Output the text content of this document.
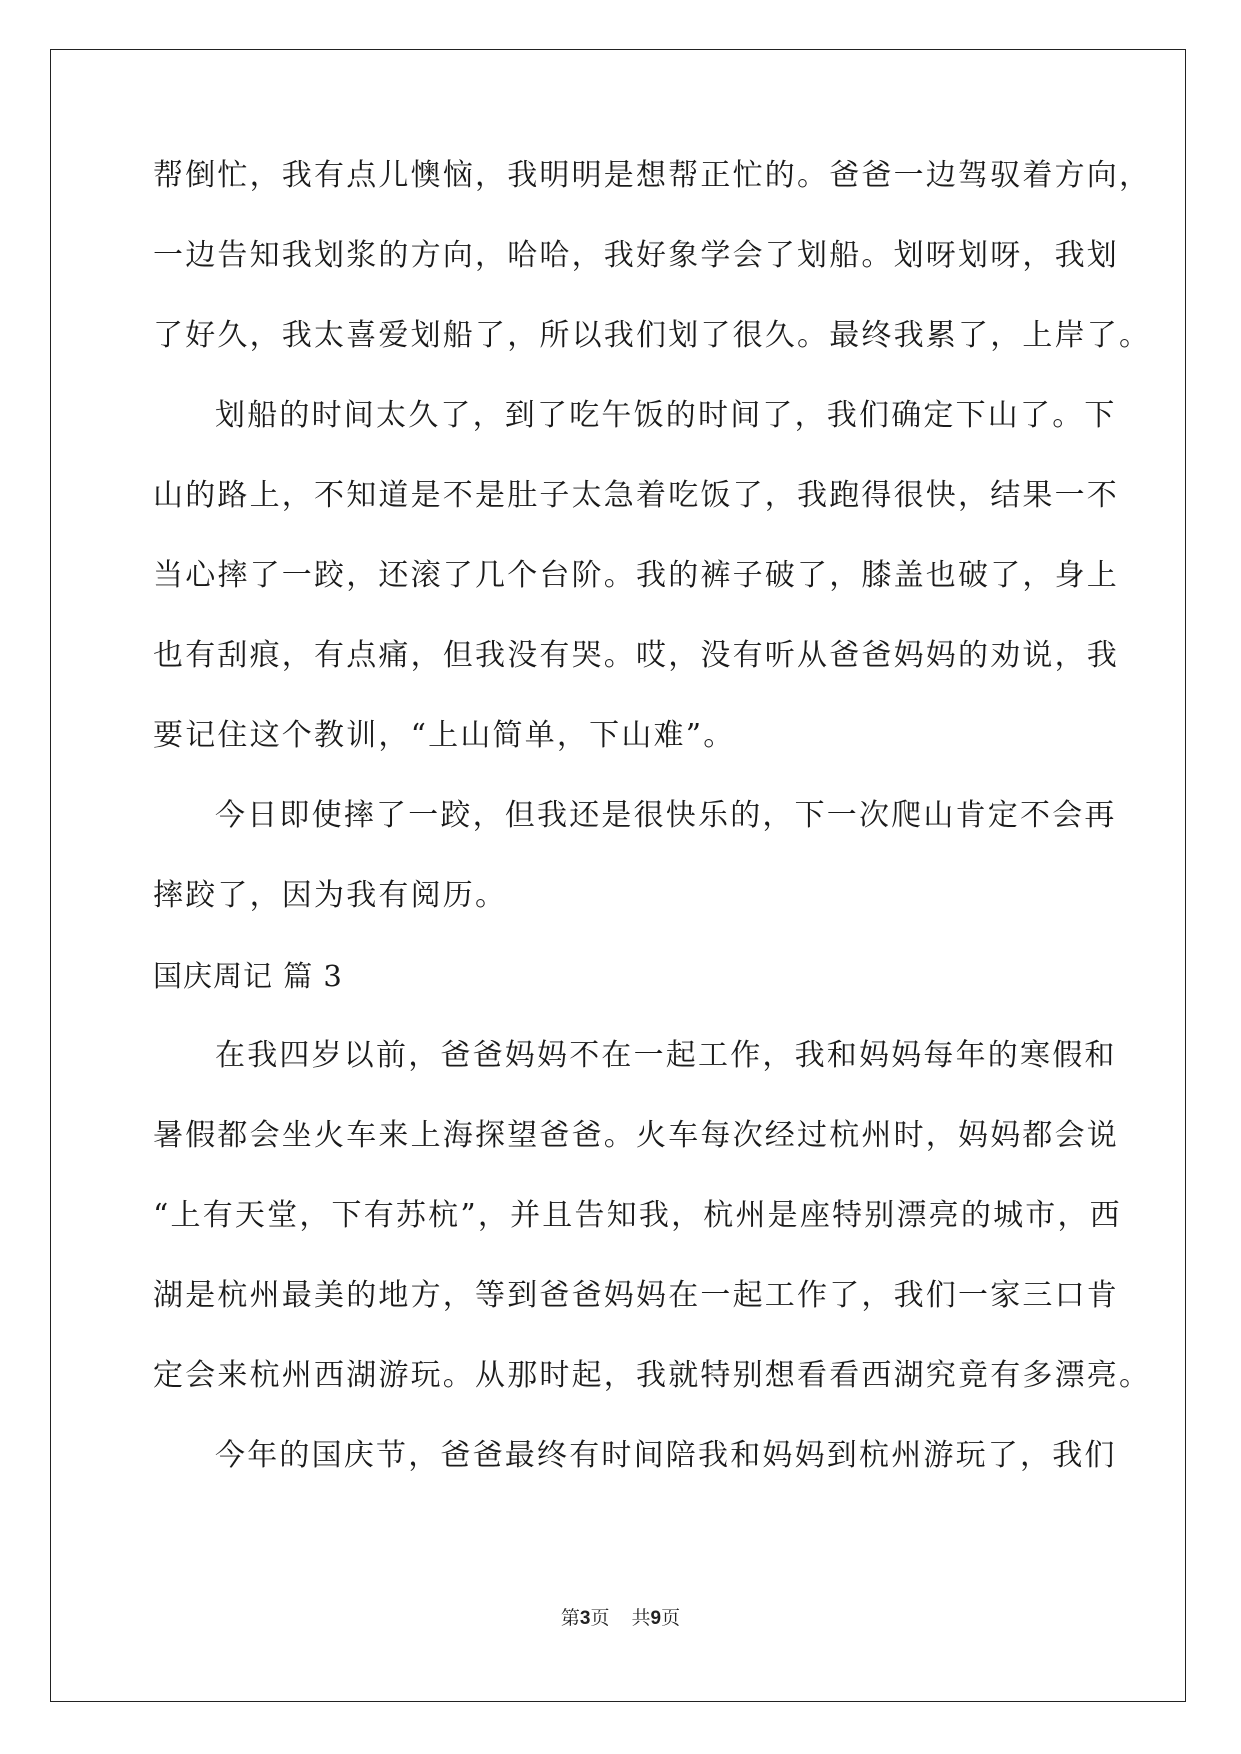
帮倒忙，我有点儿懊恼，我明明是想帮正忙的。爸爸一边驾驭着方向，
一边告知我划浆的方向，哈哈，我好象学会了划船。划呀划呀，我划
了好久，我太喜爱划船了，所以我们划了很久。最终我累了，上岸了。
划船的时间太久了，到了吃午饭的时间了，我们确定下山了。下
山的路上，不知道是不是肚子太急着吃饭了，我跑得很快，结果一不
当心摔了一跤，还滚了几个台阶。我的裤子破了，膝盖也破了，身上
也有刮痕，有点痛，但我没有哭。哎，没有听从爸爸妈妈的劝说，我
要记住这个教训，“上山简单，下山难”。
今日即使摔了一跤，但我还是很快乐的，下一次爬山肯定不会再
摔跤了，因为我有阅历。
国庆周记 篇 3
在我四岁以前，爸爸妈妈不在一起工作，我和妈妈每年的寒假和
暑假都会坐火车来上海探望爸爸。火车每次经过杭州时，妈妈都会说
“上有天堂，下有苏杭”，并且告知我，杭州是座特别漂亮的城市，西
湖是杭州最美的地方，等到爸爸妈妈在一起工作了，我们一家三口肯
定会来杭州西湖游玩。从那时起，我就特别想看看西湖究竟有多漂亮。
今年的国庆节，爸爸最终有时间陪我和妈妈到杭州游玩了，我们
第3页 共9页
